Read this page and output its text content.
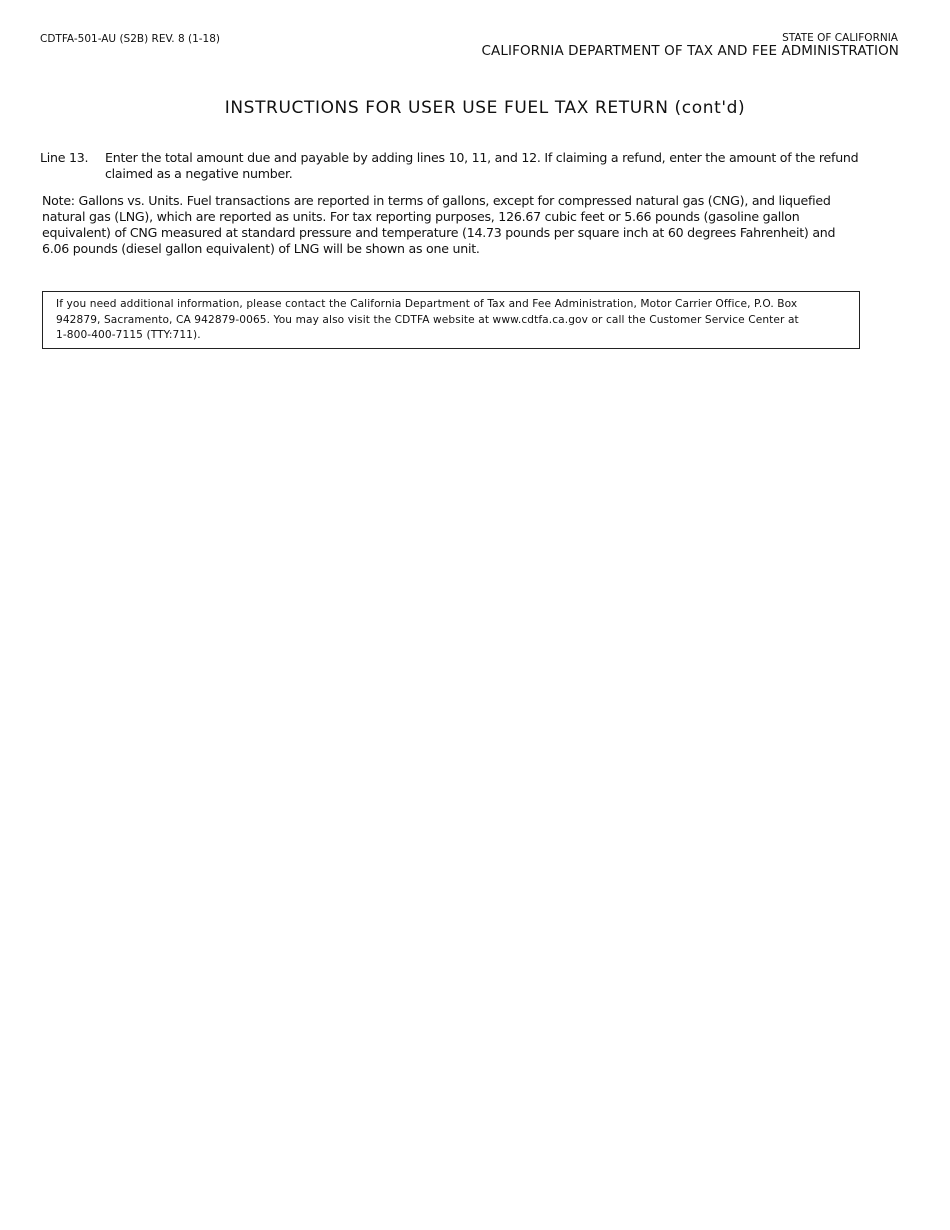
CDTFA-501-AU (S2B) REV. 8 (1-18)	STATE OF CALIFORNIA
CALIFORNIA DEPARTMENT OF TAX AND FEE ADMINISTRATION
INSTRUCTIONS FOR USER USE FUEL TAX RETURN (cont'd)
Line 13. Enter the total amount due and payable by adding lines 10, 11, and 12. If claiming a refund, enter the amount of the refund
claimed as a negative number.
Note: Gallons vs. Units. Fuel transactions are reported in terms of gallons, except for compressed natural gas (CNG), and liquefied
natural gas (LNG), which are reported as units. For tax reporting purposes, 126.67 cubic feet or 5.66 pounds (gasoline gallon
equivalent) of CNG measured at standard pressure and temperature (14.73 pounds per square inch at 60 degrees Fahrenheit) and
6.06 pounds (diesel gallon equivalent) of LNG will be shown as one unit.
If you need additional information, please contact the California Department of Tax and Fee Administration, Motor Carrier Office, P.O. Box
942879, Sacramento, CA 942879-0065. You may also visit the CDTFA website at www.cdtfa.ca.gov or call the Customer Service Center at
1-800-400-7115 (TTY:711).
